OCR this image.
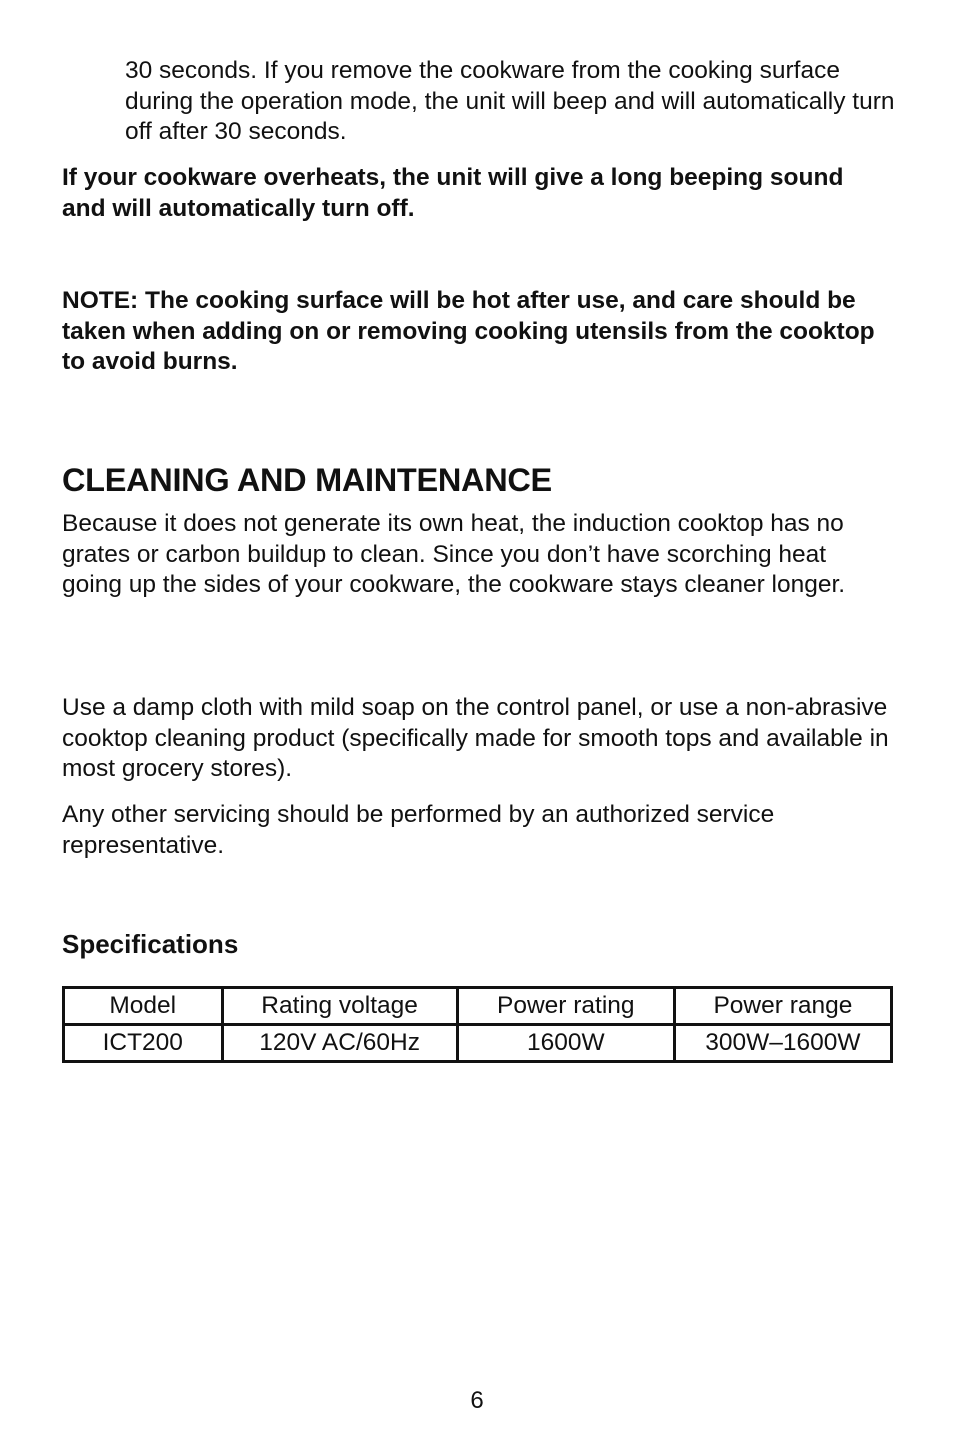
30 seconds. If you remove the cookware from the cooking surface during the operation mode, the unit will beep and will automatically turn off after 30 seconds.

If your cookware overheats, the unit will give a long beeping sound and will automatically turn off.

NOTE: The cooking surface will be hot after use, and care should be taken when adding on or removing cooking utensils from the cooktop to avoid burns.

CLEANING AND MAINTENANCE

Because it does not generate its own heat, the induction cooktop has no grates or carbon buildup to clean. Since you don’t have scorching heat going up the sides of your cookware, the cookware stays cleaner longer.

Use a damp cloth with mild soap on the control panel, or use a non-abrasive cooktop cleaning product (specifically made for smooth tops and available in most grocery stores).

Any other servicing should be performed by an authorized service representative.

Specifications
Model	Rating voltage	Power rating	Power range
ICT200	120V AC/60Hz	1600W	300W–1600W
6
